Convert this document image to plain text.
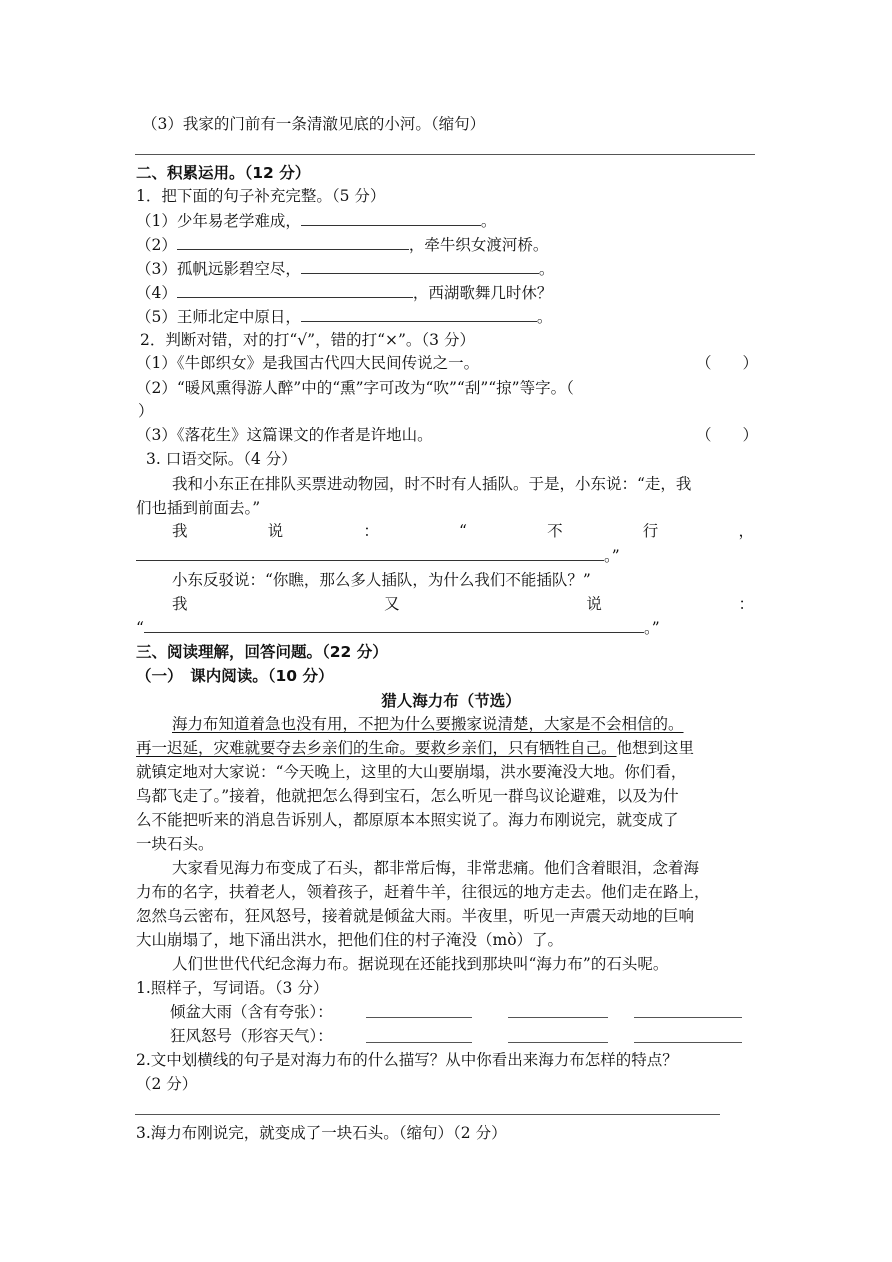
（3）我家的门前有一条清澈见底的小河。（缩句）
二、积累运用。（12 分）
1．把下面的句子补充完整。（5 分）
（1）少年易老学难成，	。
（2）	，牵牛织女渡河桥。
（3）孤帆远影碧空尽，	。
（4）	，西湖歌舞几时休？
（5）王师北定中原日，	。
2．判断对错，对的打“√”，错的打“×”。（3 分）
（1）《牛郎织女》是我国古代四大民间传说之一。	（　　）
（2）“暖风熏得游人醉”中的“熏”字可改为“吹”“刮”“掠”等字。（
）
（3）《落花生》这篇课文的作者是许地山。	（　　）
3. 口语交际。（4 分）
我和小东正在排队买票进动物园，时不时有人插队。于是，小东说：“走，我
们也插到前面去。”
我	说	：	“	不	行	，
。”
小东反驳说：“你瞧，那么多人插队，为什么我们不能插队？”
我	又	说	：
“	。”
三、阅读理解，回答问题。（22 分）
（一）　课内阅读。（10 分）
猎人海力布（节选）
海力布知道着急也没有用，不把为什么要搬家说清楚，大家是不会相信的。
再一迟延，灾难就要夺去乡亲们的生命。要救乡亲们，只有牺牲自己。他想到这里
就镇定地对大家说：“今天晚上，这里的大山要崩塌，洪水要淹没大地。你们看，
鸟都飞走了。”接着，他就把怎么得到宝石，怎么听见一群鸟议论避难，以及为什
么不能把听来的消息告诉别人，都原原本本照实说了。海力布刚说完，就变成了
一块石头。
大家看见海力布变成了石头，都非常后悔，非常悲痛。他们含着眼泪，念着海
力布的名字，扶着老人，领着孩子，赶着牛羊，往很远的地方走去。他们走在路上，
忽然乌云密布，狂风怒号，接着就是倾盆大雨。半夜里，听见一声震天动地的巨响
大山崩塌了，地下涌出洪水，把他们住的村子淹没（mò）了。
人们世世代代纪念海力布。据说现在还能找到那块叫“海力布”的石头呢。
1.照样子，写词语。（3 分）
倾盆大雨（含有夸张）：
狂风怒号（形容天气）：
2.文中划横线的句子是对海力布的什么描写？从中你看出来海力布怎样的特点？
（2 分）
3.海力布刚说完，就变成了一块石头。（缩句）（2 分）
